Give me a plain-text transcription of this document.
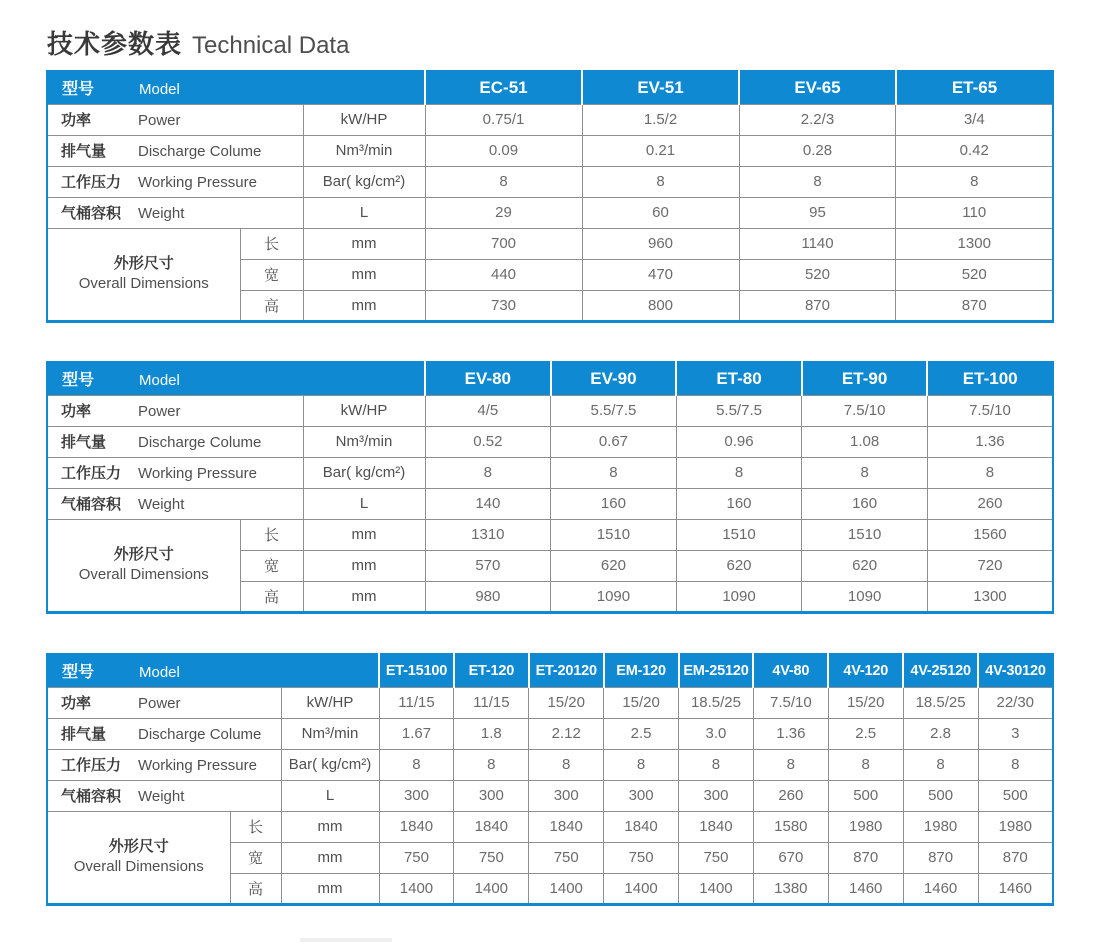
技术参数表 Technical Data
型号 Model			EC-51	EV-51	EV-65	ET-65
功率 Power		kW/HP	0.75/1	1.5/2	2.2/3	3/4
排气量 Discharge Colume		Nm³/min	0.09	0.21	0.28	0.42
工作压力 Working Pressure		Bar( kg/cm²)	8	8	8	8
气桶容积 Weight		L	29	60	95	110

外形尺寸
Overall Dimensions	长	mm	700	960	1140	1300
	宽	mm	440	470	520	520
	高	mm	730	800	870	870
型号 Model			EV-80	EV-90	ET-80	ET-90	ET-100
功率 Power		kW/HP	4/5	5.5/7.5	5.5/7.5	7.5/10	7.5/10
排气量 Discharge Colume		Nm³/min	0.52	0.67	0.96	1.08	1.36
工作压力 Working Pressure		Bar( kg/cm²)	8	8	8	8	8
气桶容积 Weight		L	140	160	160	160	260

外形尺寸
Overall Dimensions	长	mm	1310	1510	1510	1510	1560
	宽	mm	570	620	620	620	720
	高	mm	980	1090	1090	1090	1300
型号 Model			ET-15100	ET-120	ET-20120	EM-120	EM-25120	4V-80	4V-120	4V-25120	4V-30120
功率 Power		kW/HP	11/15	11/15	15/20	15/20	18.5/25	7.5/10	15/20	18.5/25	22/30
排气量 Discharge Colume		Nm³/min	1.67	1.8	2.12	2.5	3.0	1.36	2.5	2.8	3
工作压力 Working Pressure		Bar( kg/cm²)	8	8	8	8	8	8	8	8	8
气桶容积 Weight		L	300	300	300	300	300	260	500	500	500

外形尺寸
Overall Dimensions	长	mm	1840	1840	1840	1840	1840	1580	1980	1980	1980
	宽	mm	750	750	750	750	750	670	870	870	870
	高	mm	1400	1400	1400	1400	1400	1380	1460	1460	1460
